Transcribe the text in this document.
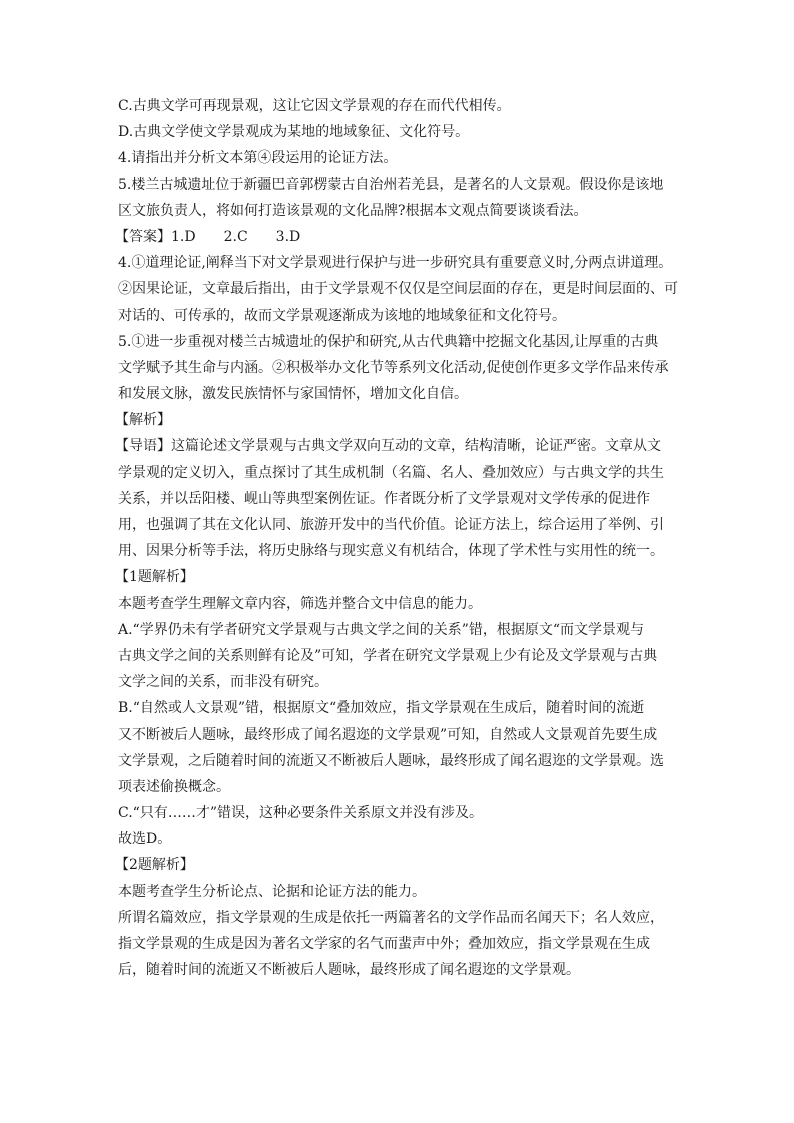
C.古典文学可再现景观，这让它因文学景观的存在而代代相传。

D.古典文学使文学景观成为某地的地域象征、文化符号。

4.请指出并分析文本第④段运用的论证方法。

5.楼兰古城遗址位于新疆巴音郭楞蒙古自治州若羌县，是著名的人文景观。假设你是该地

区文旅负责人，将如何打造该景观的文化品牌?根据本文观点简要谈谈看法。

【答案】1.D 2.C 3.D

4.①道理论证,阐释当下对文学景观进行保护与进一步研究具有重要意义时,分两点讲道理。

②因果论证，文章最后指出，由于文学景观不仅仅是空间层面的存在，更是时间层面的、可

对话的、可传承的，故而文学景观逐渐成为该地的地域象征和文化符号。

5.①进一步重视对楼兰古城遗址的保护和研究,从古代典籍中挖掘文化基因,让厚重的古典

文学赋予其生命与内涵。②积极举办文化节等系列文化活动,促使创作更多文学作品来传承

和发展文脉，激发民族情怀与家国情怀，增加文化自信。

【解析】

【导语】这篇论述文学景观与古典文学双向互动的文章，结构清晰，论证严密。文章从文

学景观的定义切入，重点探讨了其生成机制（名篇、名人、叠加效应）与古典文学的共生

关系，并以岳阳楼、岘山等典型案例佐证。作者既分析了文学景观对文学传承的促进作

用，也强调了其在文化认同、旅游开发中的当代价值。论证方法上，综合运用了举例、引

用、因果分析等手法，将历史脉络与现实意义有机结合，体现了学术性与实用性的统一。

【1题解析】

本题考查学生理解文章内容，筛选并整合文中信息的能力。

A.“学界仍未有学者研究文学景观与古典文学之间的关系”错，根据原文“而文学景观与

古典文学之间的关系则鲜有论及”可知，学者在研究文学景观上少有论及文学景观与古典

文学之间的关系，而非没有研究。

B.“自然或人文景观”错，根据原文“叠加效应，指文学景观在生成后，随着时间的流逝

又不断被后人题咏，最终形成了闻名遐迩的文学景观”可知，自然或人文景观首先要生成

文学景观，之后随着时间的流逝又不断被后人题咏，最终形成了闻名遐迩的文学景观。选

项表述偷换概念。

C.“只有……才”错误，这种必要条件关系原文并没有涉及。

故选D。

【2题解析】

本题考查学生分析论点、论据和论证方法的能力。

所谓名篇效应，指文学景观的生成是依托一两篇著名的文学作品而名闻天下；名人效应，

指文学景观的生成是因为著名文学家的名气而蜚声中外；叠加效应，指文学景观在生成

后，随着时间的流逝又不断被后人题咏，最终形成了闻名遐迩的文学景观。
